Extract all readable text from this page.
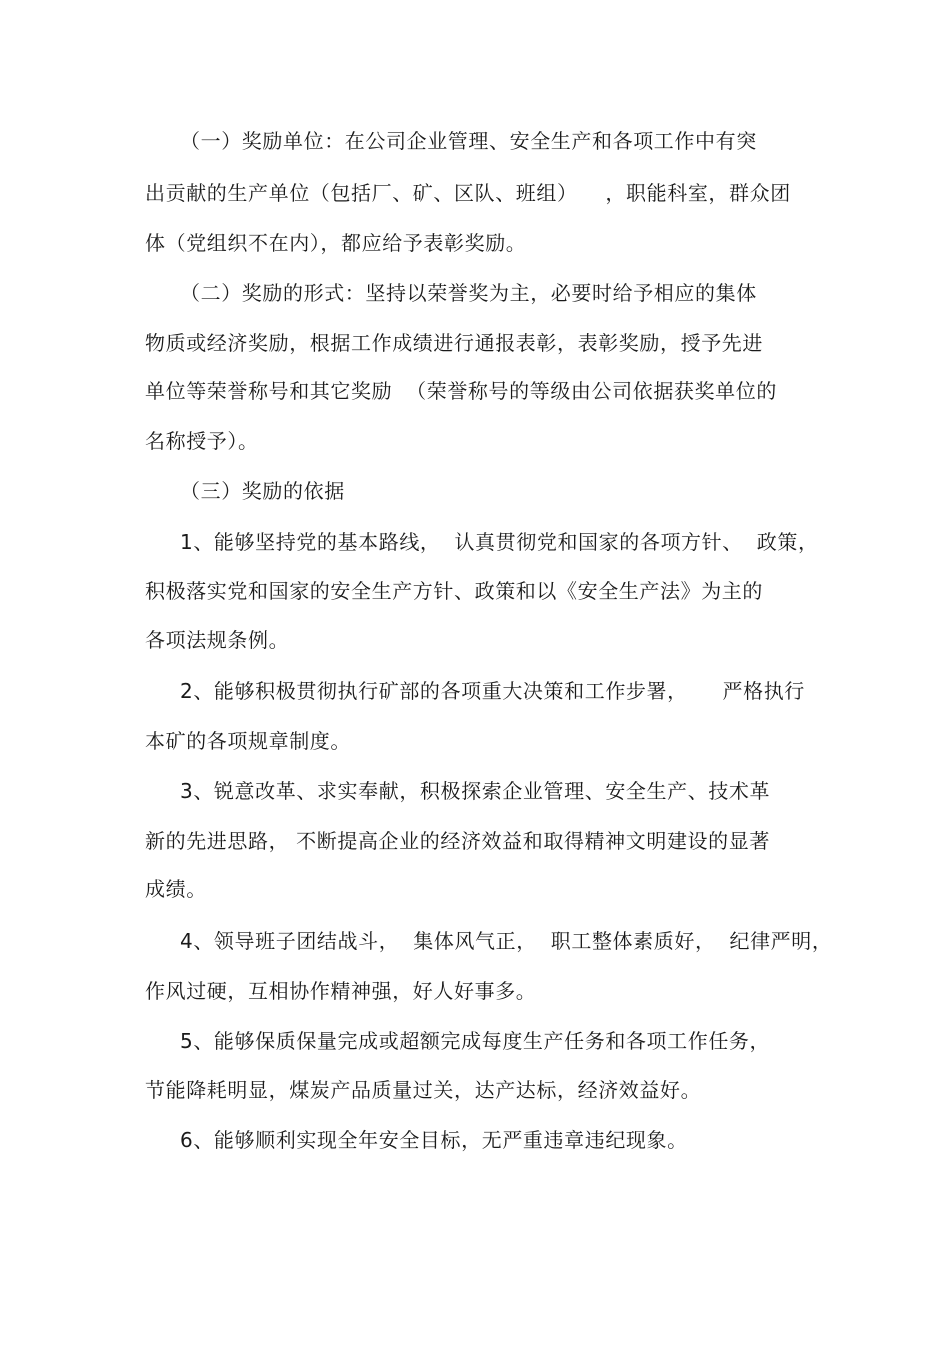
（一）奖励单位：在公司企业管理、安全生产和各项工作中有突
出贡献的生产单位（包括厂、矿、区队、班组）    ，职能科室，群众团
体（党组织不在内），都应给予表彰奖励。
（二）奖励的形式：坚持以荣誉奖为主，必要时给予相应的集体
物质或经济奖励，根据工作成绩进行通报表彰，表彰奖励，授予先进
单位等荣誉称号和其它奖励  （荣誉称号的等级由公司依据获奖单位的
名称授予）。
（三）奖励的依据
1、能够坚持党的基本路线，  认真贯彻党和国家的各项方针、  政策，
积极落实党和国家的安全生产方针、政策和以《安全生产法》为主的
各项法规条例。
2、能够积极贯彻执行矿部的各项重大决策和工作步署，     严格执行
本矿的各项规章制度。
3、锐意改革、求实奉献，积极探索企业管理、安全生产、技术革
新的先进思路， 不断提高企业的经济效益和取得精神文明建设的显著
成绩。
4、领导班子团结战斗，  集体风气正，  职工整体素质好，  纪律严明，
作风过硬，互相协作精神强，好人好事多。
5、能够保质保量完成或超额完成每度生产任务和各项工作任务，
节能降耗明显，煤炭产品质量过关，达产达标，经济效益好。
6、能够顺利实现全年安全目标，无严重违章违纪现象。
